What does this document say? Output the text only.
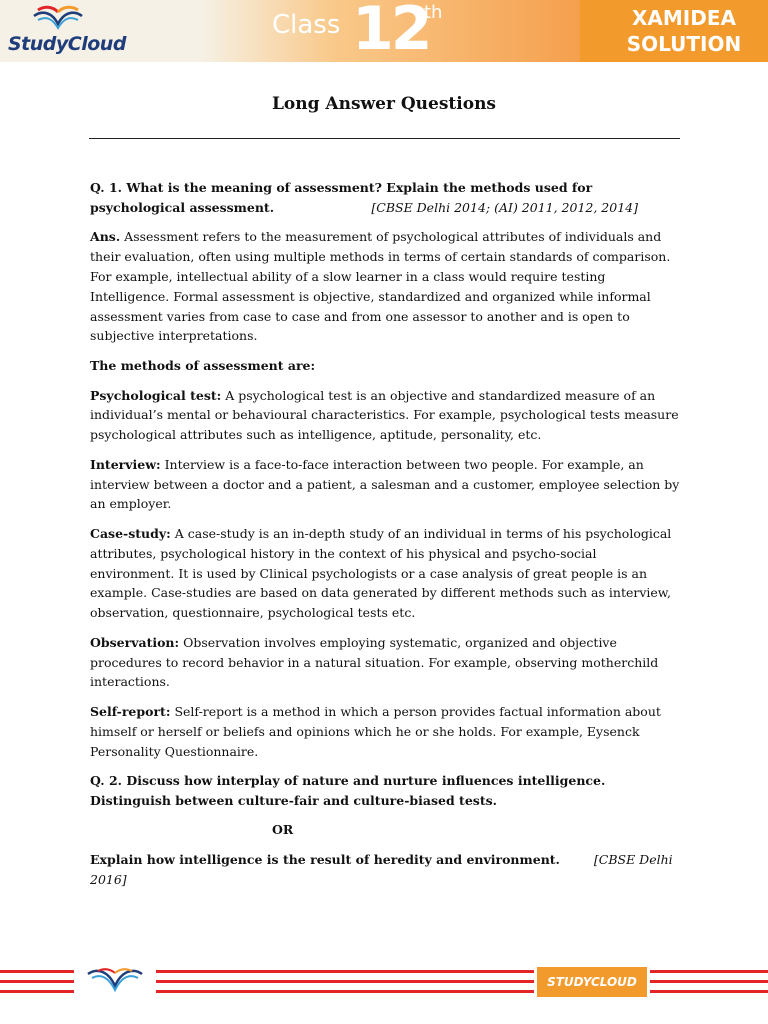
StudyCloud
Class 12
th	XAMIDEA
SOLUTION
Long Answer Questions

Q. 1. What is the meaning of assessment? Explain the methods used for psychological assessment.	[CBSE Delhi 2014; (AI) 2011, 2012, 2014]

Ans. Assessment refers to the measurement of psychological attributes of individuals and their evaluation, often using multiple methods in terms of certain standards of comparison. For example, intellectual ability of a slow learner in a class would require testing Intelligence. Formal assessment is objective, standardized and organized while informal assessment varies from case to case and from one assessor to another and is open to subjective interpretations.

The methods of assessment are:

Psychological test: A psychological test is an objective and standardized measure of an individual’s mental or behavioural characteristics. For example, psychological tests measure psychological attributes such as intelligence, aptitude, personality, etc.

Interview: Interview is a face-to-face interaction between two people. For example, an interview between a doctor and a patient, a salesman and a customer, employee selection by an employer.

Case-study: A case-study is an in-depth study of an individual in terms of his psychological attributes, psychological history in the context of his physical and psycho-social environment. It is used by Clinical psychologists or a case analysis of great people is an example. Case-studies are based on data generated by different methods such as interview, observation, questionnaire, psychological tests etc.

Observation: Observation involves employing systematic, organized and objective procedures to record behavior in a natural situation. For example, observing motherchild interactions.

Self-report: Self-report is a method in which a person provides factual information about himself or herself or beliefs and opinions which he or she holds. For example, Eysenck Personality Questionnaire.

Q. 2. Discuss how interplay of nature and nurture influences intelligence. Distinguish between culture-fair and culture-biased tests.

OR

Explain how intelligence is the result of heredity and environment.	[CBSE Delhi 2016]

STUDYCLOUD
